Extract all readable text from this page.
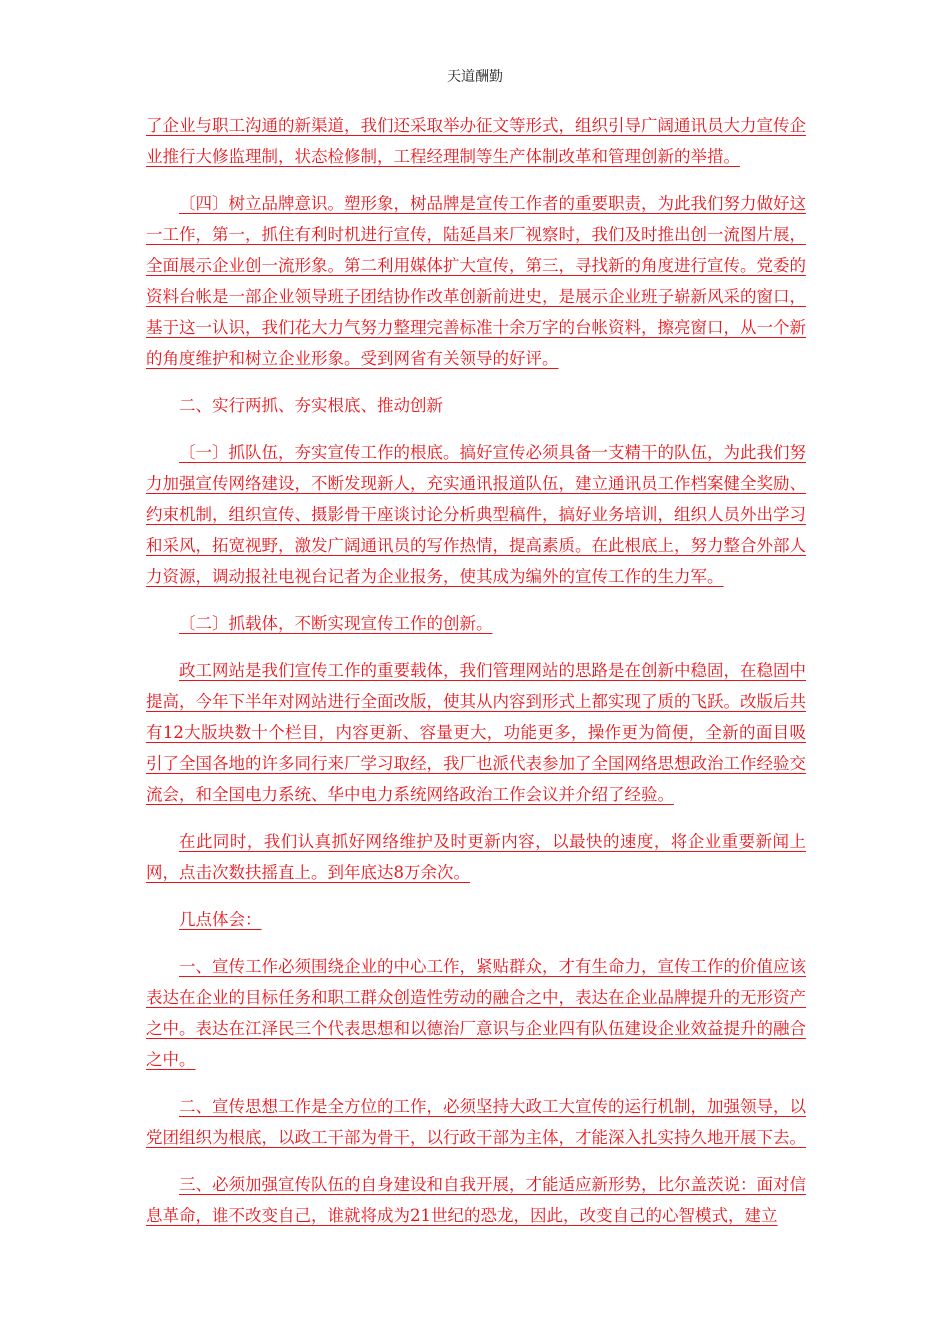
天道酬勤

了企业与职工沟通的新渠道，我们还采取举办征文等形式，组织引导广阔通讯员大力宣传企业推行大修监理制，状态检修制，工程经理制等生产体制改革和管理创新的举措。

〔四〕树立品牌意识。塑形象，树品牌是宣传工作者的重要职责，为此我们努力做好这一工作，第一，抓住有利时机进行宣传，陆延昌来厂视察时，我们及时推出创一流图片展，全面展示企业创一流形象。第二利用媒体扩大宣传，第三，寻找新的角度进行宣传。党委的资料台帐是一部企业领导班子团结协作改革创新前进史，是展示企业班子崭新风采的窗口，基于这一认识，我们花大力气努力整理完善标准十余万字的台帐资料，擦亮窗口，从一个新的角度维护和树立企业形象。受到网省有关领导的好评。

二、实行两抓、夯实根底、推动创新

〔一〕抓队伍，夯实宣传工作的根底。搞好宣传必须具备一支精干的队伍，为此我们努力加强宣传网络建设，不断发现新人，充实通讯报道队伍，建立通讯员工作档案健全奖励、约束机制，组织宣传、摄影骨干座谈讨论分析典型稿件，搞好业务培训，组织人员外出学习和采风，拓宽视野，激发广阔通讯员的写作热情，提高素质。在此根底上，努力整合外部人力资源，调动报社电视台记者为企业报务，使其成为编外的宣传工作的生力军。

〔二〕抓载体，不断实现宣传工作的创新。

政工网站是我们宣传工作的重要载体，我们管理网站的思路是在创新中稳固，在稳固中提高，今年下半年对网站进行全面改版，使其从内容到形式上都实现了质的飞跃。改版后共有12大版块数十个栏目，内容更新、容量更大，功能更多，操作更为简便，全新的面目吸引了全国各地的许多同行来厂学习取经，我厂也派代表参加了全国网络思想政治工作经验交流会，和全国电力系统、华中电力系统网络政治工作会议并介绍了经验。

在此同时，我们认真抓好网络维护及时更新内容，以最快的速度，将企业重要新闻上网，点击次数扶摇直上。到年底达8万余次。

几点体会：

一、宣传工作必须围绕企业的中心工作，紧贴群众，才有生命力，宣传工作的价值应该表达在企业的目标任务和职工群众创造性劳动的融合之中，表达在企业品牌提升的无形资产之中。表达在江泽民三个代表思想和以德治厂意识与企业四有队伍建设企业效益提升的融合之中。

二、宣传思想工作是全方位的工作，必须坚持大政工大宣传的运行机制，加强领导，以党团组织为根底，以政工干部为骨干，以行政干部为主体，才能深入扎实持久地开展下去。

三、必须加强宣传队伍的自身建设和自我开展，才能适应新形势，比尔盖茨说：面对信息革命，谁不改变自己，谁就将成为21世纪的恐龙，因此，改变自己的心智模式，建立
